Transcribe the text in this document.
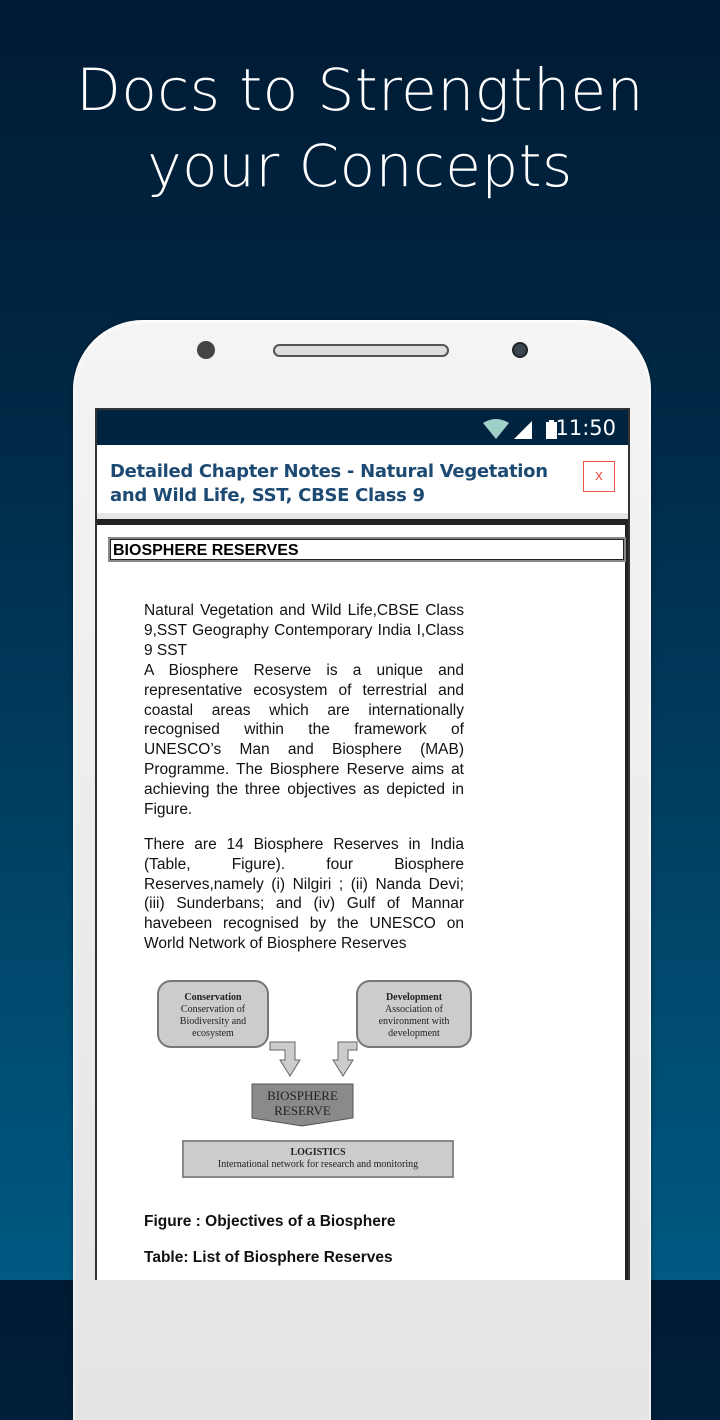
Docs to Strengthen
your Concepts
11:50
Detailed Chapter Notes - Natural Vegetation and Wild Life, SST, CBSE Class 9
x
BIOSPHERE RESERVES
Natural Vegetation and Wild Life,CBSE Class 9,SST Geography Contemporary India I,Class 9 SST
A Biosphere Reserve is a unique and representative ecosystem of terrestrial and coastal areas which are internationally recognised within the framework of UNESCO’s Man and Biosphere (MAB) Programme. The Biosphere Reserve aims at achieving the three objectives as depicted in Figure.
There are 14 Biosphere Reserves in India (Table, Figure). four Biosphere Reserves,namely (i) Nilgiri ; (ii) Nanda Devi; (iii) Sunderbans; and (iv) Gulf of Mannar havebeen recognised by the UNESCO on World Network of Biosphere Reserves
Conservation
Conservation of Biodiversity and ecosystem
Development
Association of environment with development
BIOSPHERE
RESERVE
LOGISTICS
International network for research and monitoring
Figure : Objectives of a Biosphere
Table: List of Biosphere Reserves
